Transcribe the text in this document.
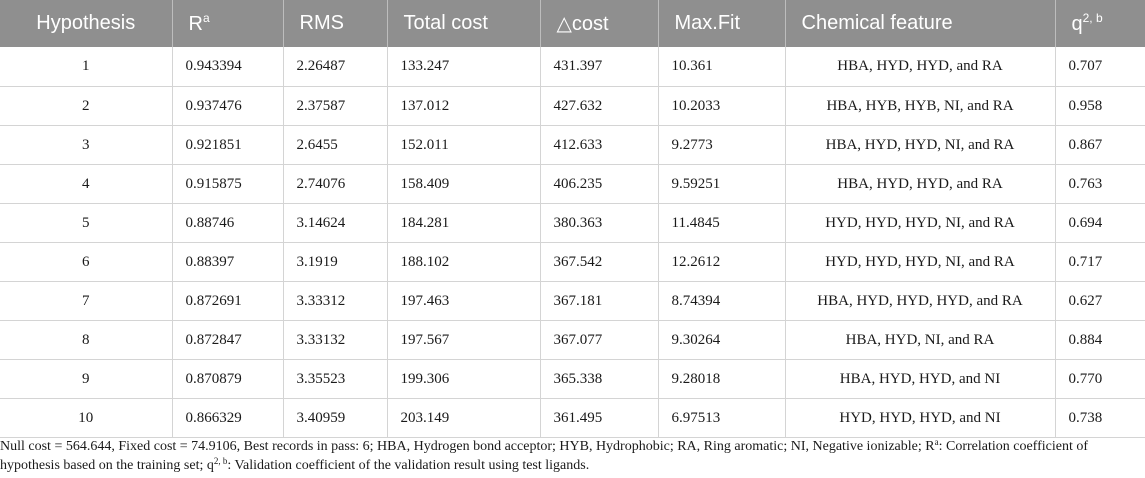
Hypothesis	$R^a$	RMS	Total cost	△cost	Max.Fit	Chemical feature	$q^{2, b}$
1	0.943394	2.26487	133.247	431.397	10.361	HBA, HYD, HYD, and RA	0.707
2	0.937476	2.37587	137.012	427.632	10.2033	HBA, HYB, HYB, NI, and RA	0.958
3	0.921851	2.6455	152.011	412.633	9.2773	HBA, HYD, HYD, NI, and RA	0.867
4	0.915875	2.74076	158.409	406.235	9.59251	HBA, HYD, HYD, and RA	0.763
5	0.88746	3.14624	184.281	380.363	11.4845	HYD, HYD, HYD, NI, and RA	0.694
6	0.88397	3.1919	188.102	367.542	12.2612	HYD, HYD, HYD, NI, and RA	0.717
7	0.872691	3.33312	197.463	367.181	8.74394	HBA, HYD, HYD, HYD, and RA	0.627
8	0.872847	3.33132	197.567	367.077	9.30264	HBA, HYD, NI, and RA	0.884
9	0.870879	3.35523	199.306	365.338	9.28018	HBA, HYD, HYD, and NI	0.770
10	0.866329	3.40959	203.149	361.495	6.97513	HYD, HYD, HYD, and NI	0.738
Null cost = 564.644, Fixed cost = 74.9106, Best records in pass: 6; HBA, Hydrogen bond acceptor; HYB, Hydrophobic; RA, Ring aromatic; NI, Negative ionizable; $R^a$: Correlation coefficient of hypothesis based on the training set; $q^{2, b}$: Validation coefficient of the validation result using test ligands.
